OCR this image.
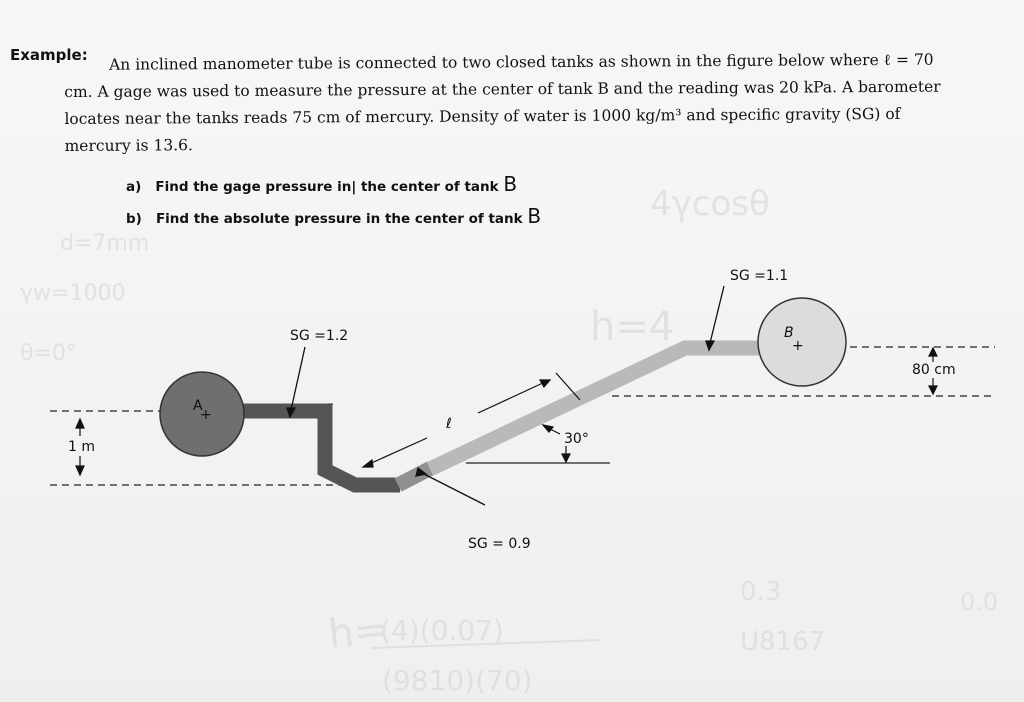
Example:	An inclined manometer tube is connected to two closed tanks as shown in the figure below where ℓ = 70
cm. A gage was used to measure the pressure at the center of tank B and the reading was 20 kPa. A barometer
locates near the tanks reads 75 cm of mercury. Density of water is 1000 kg/m³ and specific gravity (SG) of
mercury is 13.6.
a) Find the gage pressure in| the center of tank B
b) Find the absolute pressure in the center of tank B
h=
(4)(0.07)
(9810)(70)
0.3
U8167
0.0
h=4
4γcosθ
γw=1000
θ=0°
d=7mm
A
+
B
+
SG =1.2
SG =1.1
SG = 0.9
ℓ
30°
80 cm
1 m
